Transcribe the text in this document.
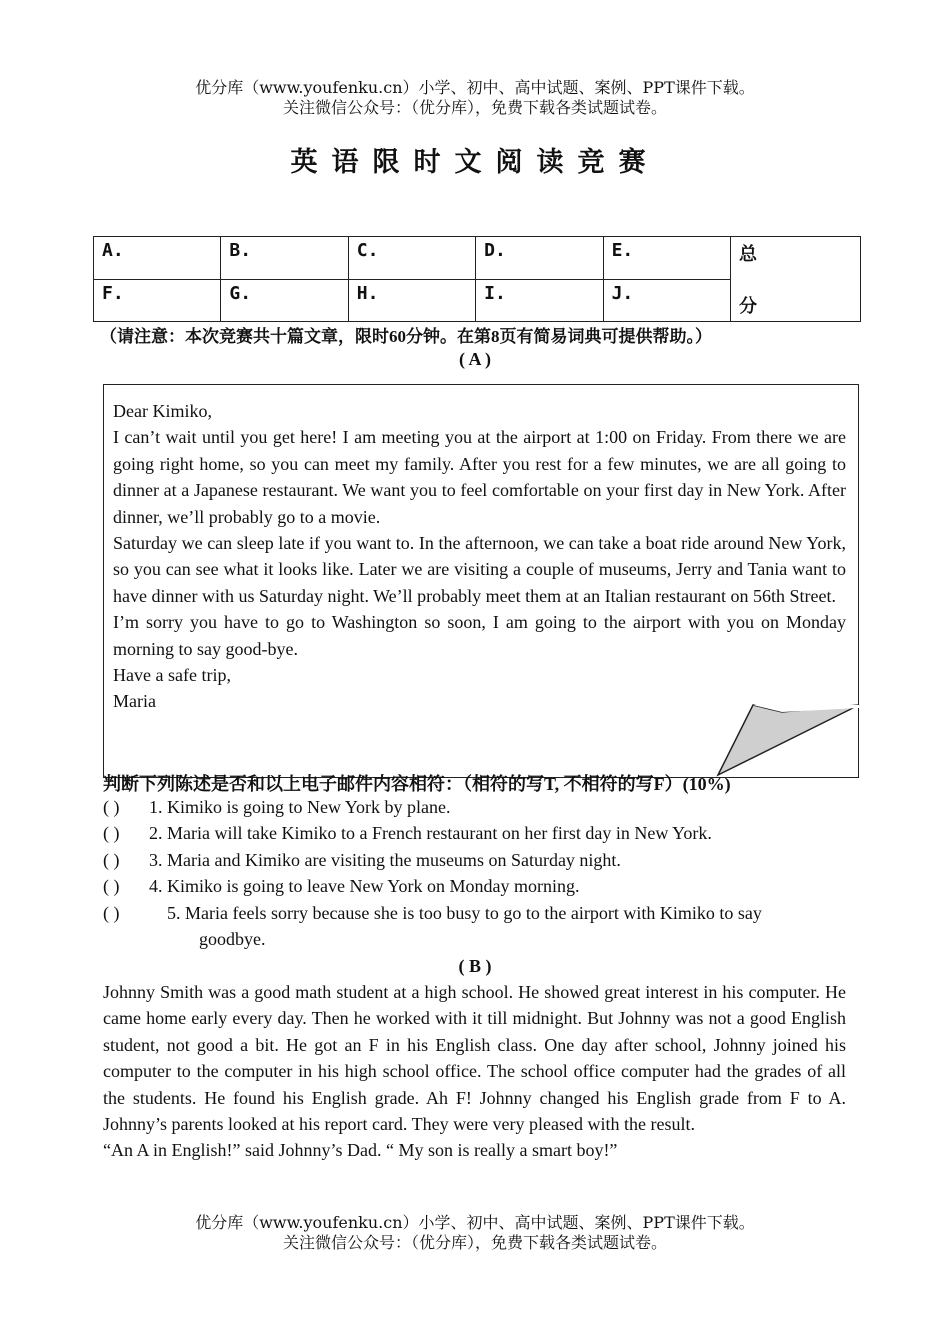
优分库（www.youfenku.cn）小学、初中、高中试题、案例、PPT课件下载。
关注微信公众号：（优分库），免费下载各类试题试卷。
英语限时文阅读竞赛
A.	B.	C.	D.	E.	总
分

F.	G.	H.	I.	J.	
（请注意：本次竞赛共十篇文章，限时60分钟。在第8页有简易词典可提供帮助。）
( A )

Dear Kimiko,

I can’t wait until you get here! I am meeting you at the airport at 1:00 on Friday. From there we are going right home, so you can meet my family. After you rest for a few minutes, we are all going to dinner at a Japanese restaurant. We want you to feel comfortable on your first day in New York. After dinner, we’ll probably go to a movie.

Saturday we can sleep late if you want to. In the afternoon, we can take a boat ride around New York, so you can see what it looks like. Later we are visiting a couple of museums, Jerry and Tania want to have dinner with us Saturday night. We’ll probably meet them at an Italian restaurant on 56th Street.

I’m sorry you have to go to Washington so soon, I am going to the airport with you on Monday morning to say good-bye.

Have a safe trip,

Maria

判断下列陈述是否和以上电子邮件内容相符：（相符的写T, 不相符的写F）(10%)
( ) 1. Kimiko is going to New York by plane.
( ) 2. Maria will take Kimiko to a French restaurant on her first day in New York.
( ) 3. Maria and Kimiko are visiting the museums on Saturday night.
( ) 4. Kimiko is going to leave New York on Monday morning.
( )	5. Maria feels sorry because she is too busy to go to the airport with Kimiko to say
goodbye.
( B )

Johnny Smith was a good math student at a high school. He showed great interest in his computer. He came home early every day. Then he worked with it till midnight. But Johnny was not a good English student, not good a bit. He got an F in his English class. One day after school, Johnny joined his computer to the computer in his high school office. The school office computer had the grades of all the students. He found his English grade. Ah F! Johnny changed his English grade from F to A. Johnny’s parents looked at his report card. They were very pleased with the result.

“An A in English!” said Johnny’s Dad. “ My son is really a smart boy!”

优分库（www.youfenku.cn）小学、初中、高中试题、案例、PPT课件下载。
关注微信公众号：（优分库），免费下载各类试题试卷。
